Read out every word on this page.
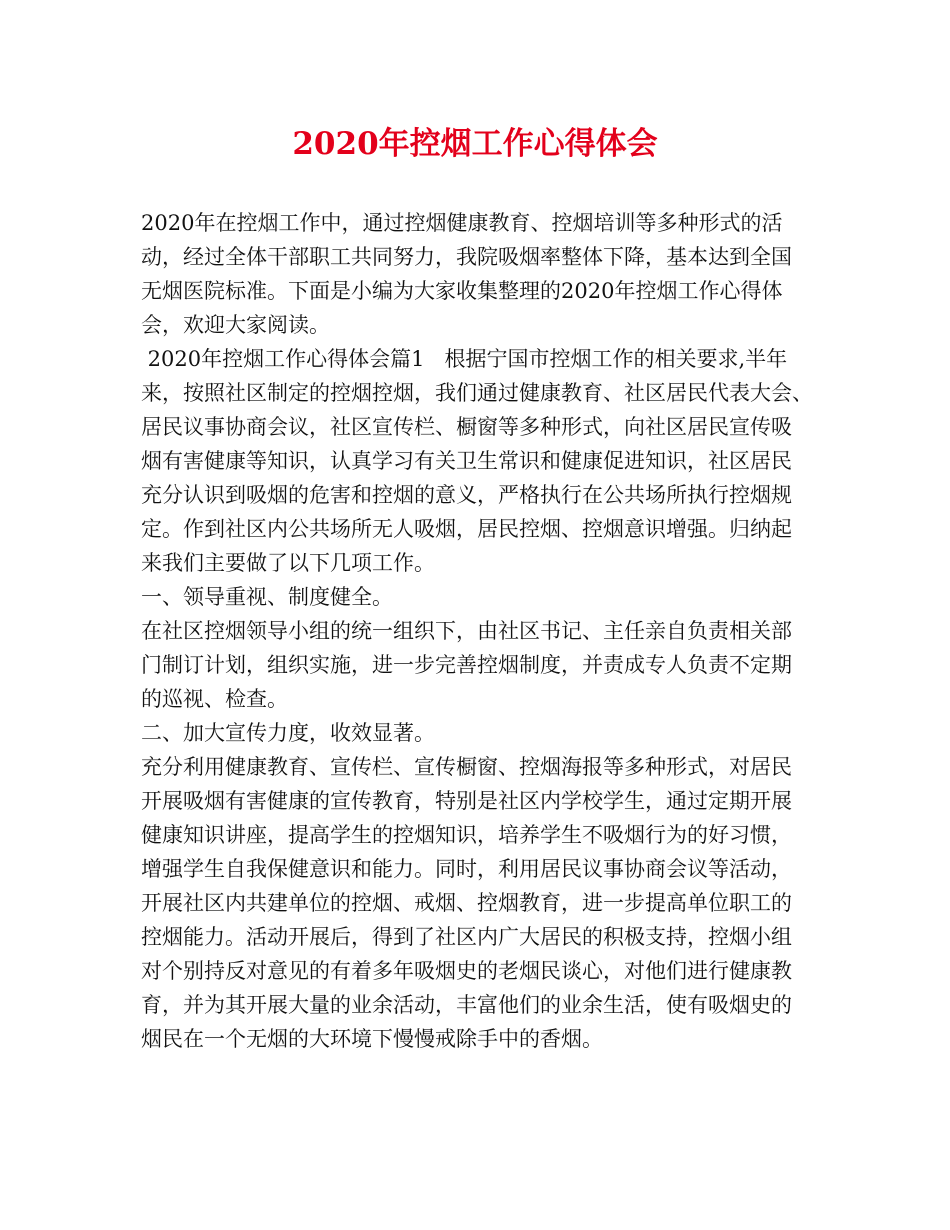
2020年控烟工作心得体会

2020年在控烟工作中，通过控烟健康教育、控烟培训等多种形式的活

动，经过全体干部职工共同努力，我院吸烟率整体下降，基本达到全国

无烟医院标准。下面是小编为大家收集整理的2020年控烟工作心得体

会，欢迎大家阅读。

2020年控烟工作心得体会篇1   根据宁国市控烟工作的相关要求,半年

来，按照社区制定的控烟控烟，我们通过健康教育、社区居民代表大会、

居民议事协商会议，社区宣传栏、橱窗等多种形式，向社区居民宣传吸

烟有害健康等知识，认真学习有关卫生常识和健康促进知识，社区居民

充分认识到吸烟的危害和控烟的意义，严格执行在公共场所执行控烟规

定。作到社区内公共场所无人吸烟，居民控烟、控烟意识增强。归纳起

来我们主要做了以下几项工作。

一、领导重视、制度健全。

在社区控烟领导小组的统一组织下，由社区书记、主任亲自负责相关部

门制订计划，组织实施，进一步完善控烟制度，并责成专人负责不定期

的巡视、检查。

二、加大宣传力度，收效显著。

充分利用健康教育、宣传栏、宣传橱窗、控烟海报等多种形式，对居民

开展吸烟有害健康的宣传教育，特别是社区内学校学生，通过定期开展

健康知识讲座，提高学生的控烟知识，培养学生不吸烟行为的好习惯，

增强学生自我保健意识和能力。同时，利用居民议事协商会议等活动，

开展社区内共建单位的控烟、戒烟、控烟教育，进一步提高单位职工的

控烟能力。活动开展后，得到了社区内广大居民的积极支持，控烟小组

对个别持反对意见的有着多年吸烟史的老烟民谈心，对他们进行健康教

育，并为其开展大量的业余活动，丰富他们的业余生活，使有吸烟史的

烟民在一个无烟的大环境下慢慢戒除手中的香烟。
